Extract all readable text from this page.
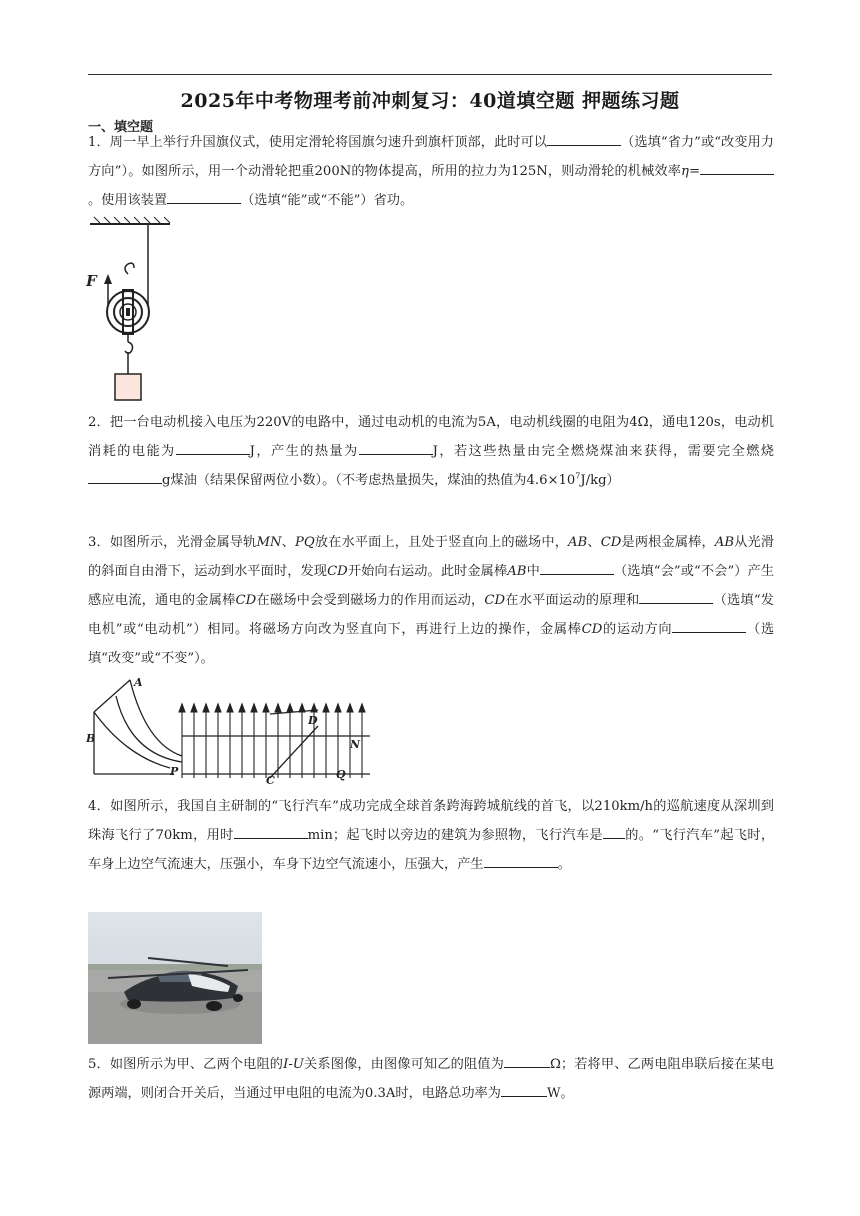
2025年中考物理考前冲刺复习：40道填空题 押题练习题
一、填空题
1．周一早上举行升国旗仪式，使用定滑轮将国旗匀速升到旗杆顶部，此时可以	（选填“省力”或“改变用力方向”）。如图所示，用一个动滑轮把重200N的物体提高，所用的拉力为125N，则动滑轮的机械效率η=。使用该装置	（选填“能”或“不能”）省功。
F
2．把一台电动机接入电压为220V的电路中，通过电动机的电流为5A，电动机线圈的电阻为4Ω，通电120s，电动机消耗的电能为	J，产生的热量为	J，若这些热量由完全燃烧煤油来获得，需要完全燃烧g煤油（结果保留两位小数）。（不考虑热量损失，煤油的热值为$4.6\times 10^7J/kg$）
3．如图所示，光滑金属导轨MN、PQ放在水平面上，且处于竖直向上的磁场中，AB、CD是两根金属棒，AB从光滑的斜面自由滑下，运动到水平面时，发现CD开始向右运动。此时金属棒AB中	（选填“会”或“不会”）产生感应电流，通电的金属棒CD在磁场中会受到磁场力的作用而运动，CD在水平面运动的原理和	（选填“发电机”或“电动机”）相同。将磁场方向改为竖直向下，再进行上边的操作，金属棒CD的运动方向	（选填“改变”或“不变”）。
A
B
P
C
D
N
Q
4．如图所示，我国自主研制的“飞行汽车”成功完成全球首条跨海跨城航线的首飞，以210km/h的巡航速度从深圳到珠海飞行了70km，用时	min；起飞时以旁边的建筑为参照物，飞行汽车是 的。“飞行汽车”起飞时，车身上边空气流速大，压强小，车身下边空气流速小，压强大，产生	。
5．如图所示为甲、乙两个电阻的I-U关系图像，由图像可知乙的阻值为	Ω；若将甲、乙两电阻串联后接在某电源两端，则闭合开关后，当通过甲电阻的电流为0.3A时，电路总功率为	W。
